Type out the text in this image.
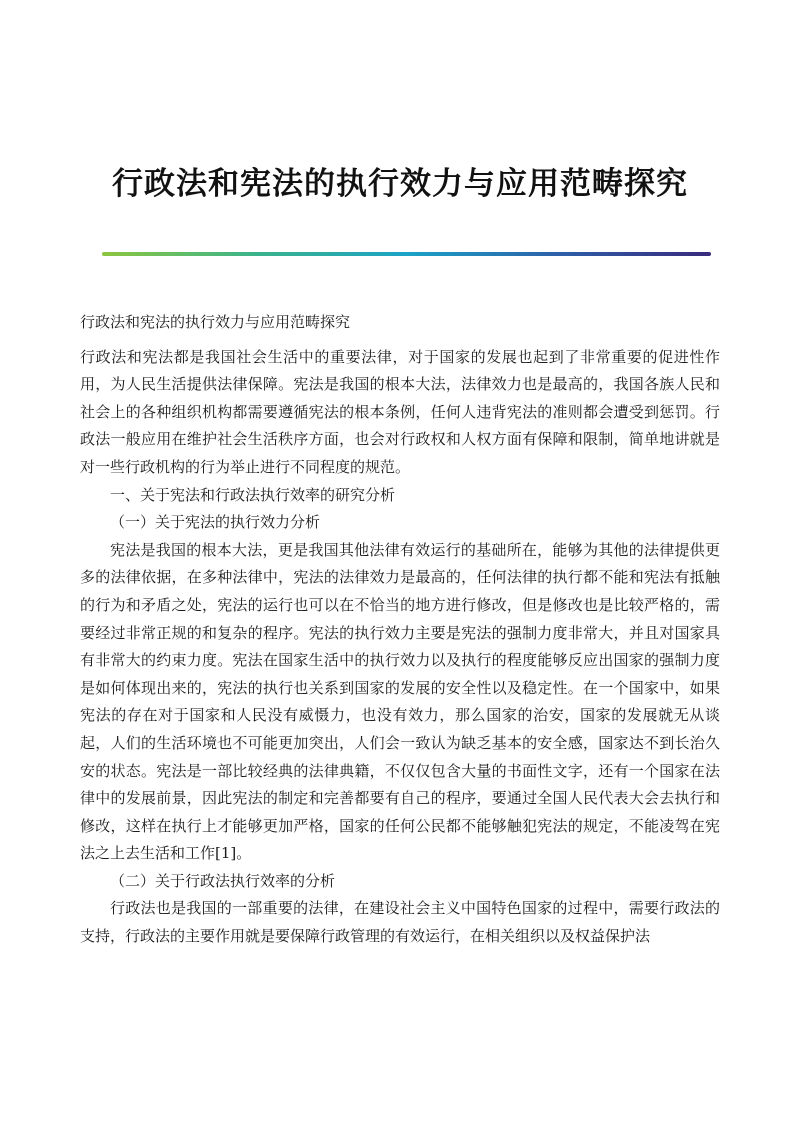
行政法和宪法的执行效力与应用范畴探究

行政法和宪法的执行效力与应用范畴探究

行政法和宪法都是我国社会生活中的重要法律，对于国家的发展也起到了非常重要的促进性作用，为人民生活提供法律保障。宪法是我国的根本大法，法律效力也是最高的，我国各族人民和社会上的各种组织机构都需要遵循宪法的根本条例，任何人违背宪法的准则都会遭受到惩罚。行政法一般应用在维护社会生活秩序方面，也会对行政权和人权方面有保障和限制，简单地讲就是对一些行政机构的行为举止进行不同程度的规范。

一、关于宪法和行政法执行效率的研究分析

（一）关于宪法的执行效力分析

宪法是我国的根本大法，更是我国其他法律有效运行的基础所在，能够为其他的法律提供更多的法律依据，在多种法律中，宪法的法律效力是最高的，任何法律的执行都不能和宪法有抵触的行为和矛盾之处，宪法的运行也可以在不恰当的地方进行修改，但是修改也是比较严格的，需要经过非常正规的和复杂的程序。宪法的执行效力主要是宪法的强制力度非常大，并且对国家具有非常大的约束力度。宪法在国家生活中的执行效力以及执行的程度能够反应出国家的强制力度是如何体现出来的，宪法的执行也关系到国家的发展的安全性以及稳定性。在一个国家中，如果宪法的存在对于国家和人民没有威慑力，也没有效力，那么国家的治安，国家的发展就无从谈起，人们的生活环境也不可能更加突出，人们会一致认为缺乏基本的安全感，国家达不到长治久安的状态。宪法是一部比较经典的法律典籍，不仅仅包含大量的书面性文字，还有一个国家在法律中的发展前景，因此宪法的制定和完善都要有自己的程序，要通过全国人民代表大会去执行和修改，这样在执行上才能够更加严格，国家的任何公民都不能够触犯宪法的规定，不能凌驾在宪法之上去生活和工作[1]。

（二）关于行政法执行效率的分析

行政法也是我国的一部重要的法律，在建设社会主义中国特色国家的过程中，需要行政法的支持，行政法的主要作用就是要保障行政管理的有效运行，在相关组织以及权益保护法
